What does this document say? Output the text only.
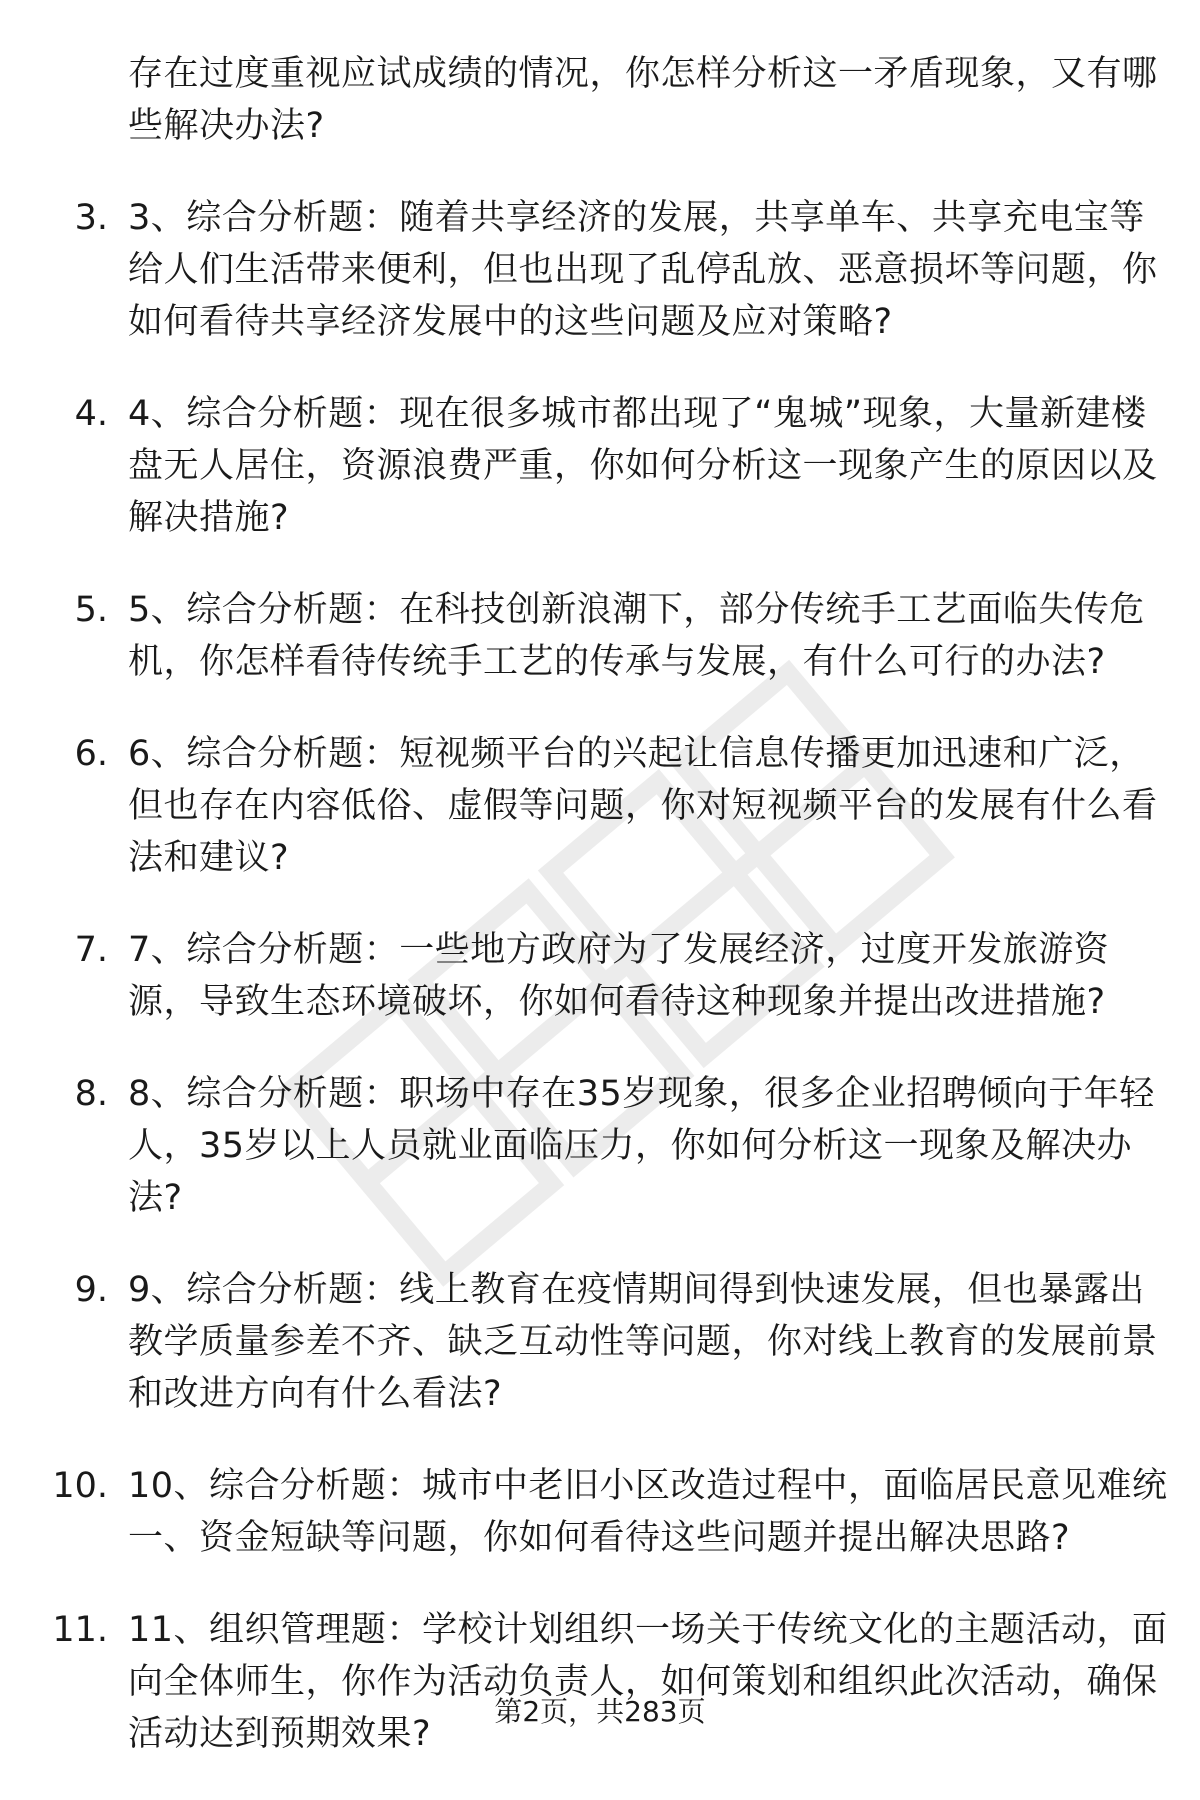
存在过度重视应试成绩的情况，你怎样分析这一矛盾现象，又有哪些解决办法?
3. 3、综合分析题：随着共享经济的发展，共享单车、共享充电宝等给人们生活带来便利，但也出现了乱停乱放、恶意损坏等问题，你如何看待共享经济发展中的这些问题及应对策略?
4. 4、综合分析题：现在很多城市都出现了“鬼城”现象，大量新建楼盘无人居住，资源浪费严重，你如何分析这一现象产生的原因以及解决措施?
5. 5、综合分析题：在科技创新浪潮下，部分传统手工艺面临失传危机，你怎样看待传统手工艺的传承与发展，有什么可行的办法?
6. 6、综合分析题：短视频平台的兴起让信息传播更加迅速和广泛，但也存在内容低俗、虚假等问题，你对短视频平台的发展有什么看法和建议?
7. 7、综合分析题：一些地方政府为了发展经济，过度开发旅游资源，导致生态环境破坏，你如何看待这种现象并提出改进措施?
8. 8、综合分析题：职场中存在35岁现象，很多企业招聘倾向于年轻人，35岁以上人员就业面临压力，你如何分析这一现象及解决办法?
9. 9、综合分析题：线上教育在疫情期间得到快速发展，但也暴露出教学质量参差不齐、缺乏互动性等问题，你对线上教育的发展前景和改进方向有什么看法?
10. 10、综合分析题：城市中老旧小区改造过程中，面临居民意见难统一、资金短缺等问题，你如何看待这些问题并提出解决思路?
11. 11、组织管理题：学校计划组织一场关于传统文化的主题活动，面向全体师生，你作为活动负责人，如何策划和组织此次活动，确保活动达到预期效果?
第2页，共283页
